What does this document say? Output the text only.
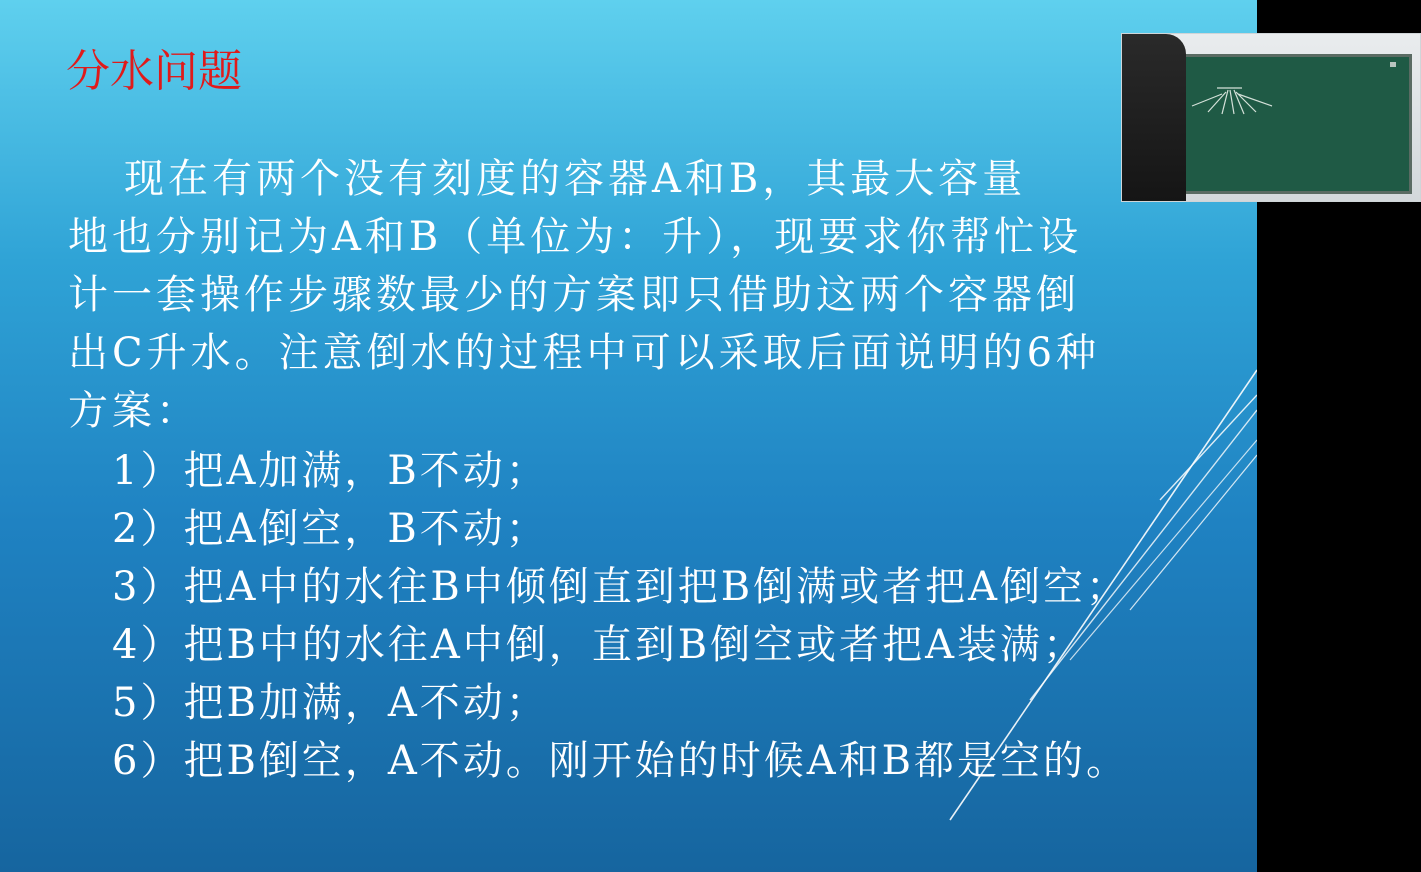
分水问题
　现在有两个没有刻度的容器A和B，其最大容量
地也分别记为A和B（单位为：升），现要求你帮忙设
计一套操作步骤数最少的方案即只借助这两个容器倒
出C升水。注意倒水的过程中可以采取后面说明的6种
方案：
1）把A加满，B不动；
2）把A倒空，B不动；
3）把A中的水往B中倾倒直到把B倒满或者把A倒空；
4）把B中的水往A中倒，直到B倒空或者把A装满；
5）把B加满，A不动；
6）把B倒空，A不动。刚开始的时候A和B都是空的。
